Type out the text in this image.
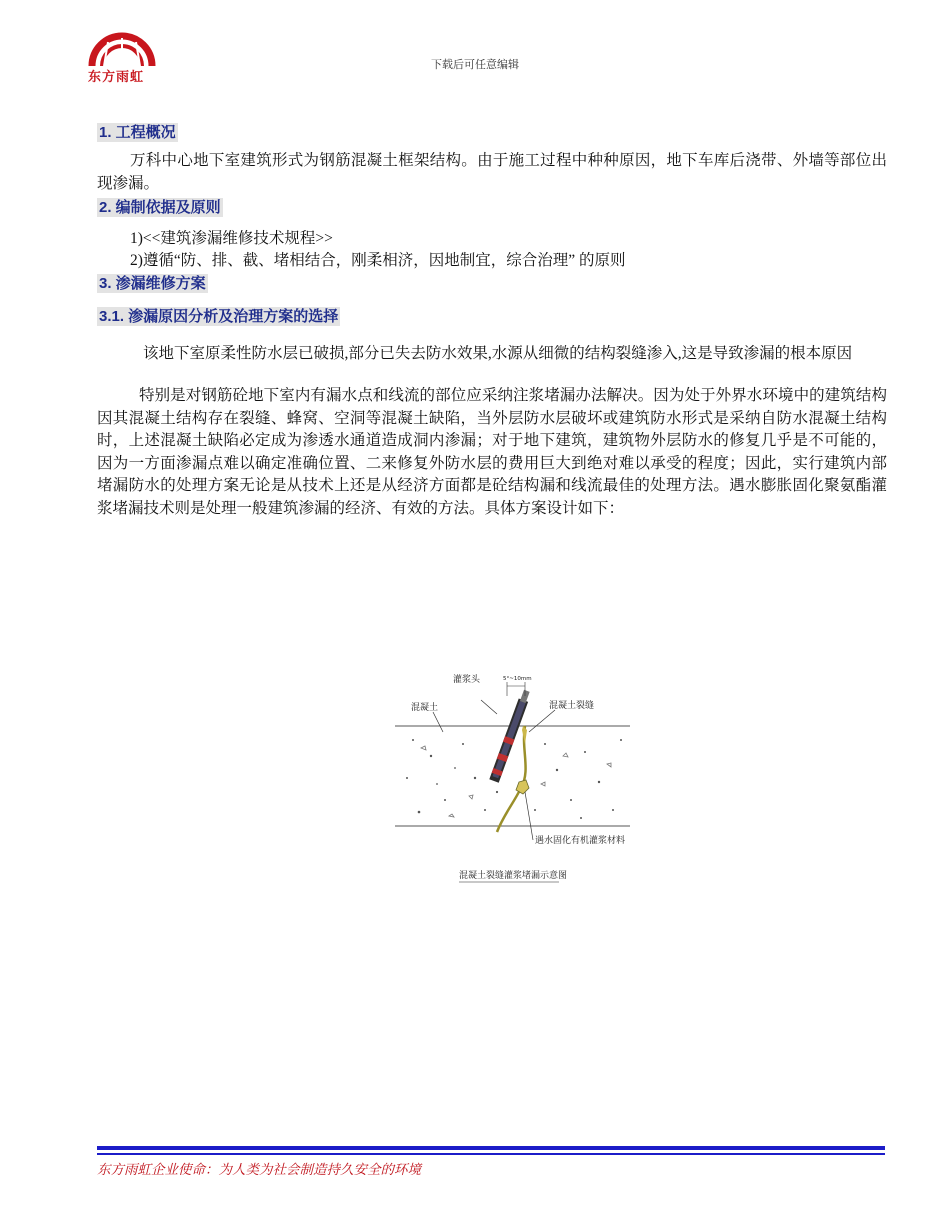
东方雨虹
下载后可任意编辑
1. 工程概况
万科中心地下室建筑形式为钢筋混凝土框架结构。由于施工过程中种种原因，地下车库后浇带、外墙等部位出现渗漏。
2. 编制依据及原则
1)<<建筑渗漏维修技术规程>>
2)遵循“防、排、截、堵相结合，刚柔相济，因地制宜，综合治理” 的原则
3. 渗漏维修方案
3.1. 渗漏原因分析及治理方案的选择
该地下室原柔性防水层已破损,部分已失去防水效果,水源从细微的结构裂缝渗入,这是导致渗漏的根本原因
特别是对钢筋砼地下室内有漏水点和线流的部位应采纳注浆堵漏办法解决。因为处于外界水环境中的建筑结构因其混凝土结构存在裂缝、蜂窝、空洞等混凝土缺陷，当外层防水层破坏或建筑防水形式是采纳自防水混凝土结构时，上述混凝土缺陷必定成为渗透水通道造成洞内渗漏；对于地下建筑，建筑物外层防水的修复几乎是不可能的，因为一方面渗漏点难以确定准确位置、二来修复外防水层的费用巨大到绝对难以承受的程度；因此，实行建筑内部堵漏防水的处理方案无论是从技术上还是从经济方面都是砼结构漏和线流最佳的处理方法。遇水膨胀固化聚氨酯灌浆堵漏技术则是处理一般建筑渗漏的经济、有效的方法。具体方案设计如下：
灌浆头	5°~10mm
混凝土	混凝土裂缝
遇水固化有机灌浆材料
混凝土裂缝灌浆堵漏示意图
东方雨虹企业使命：为人类为社会制造持久安全的环境
